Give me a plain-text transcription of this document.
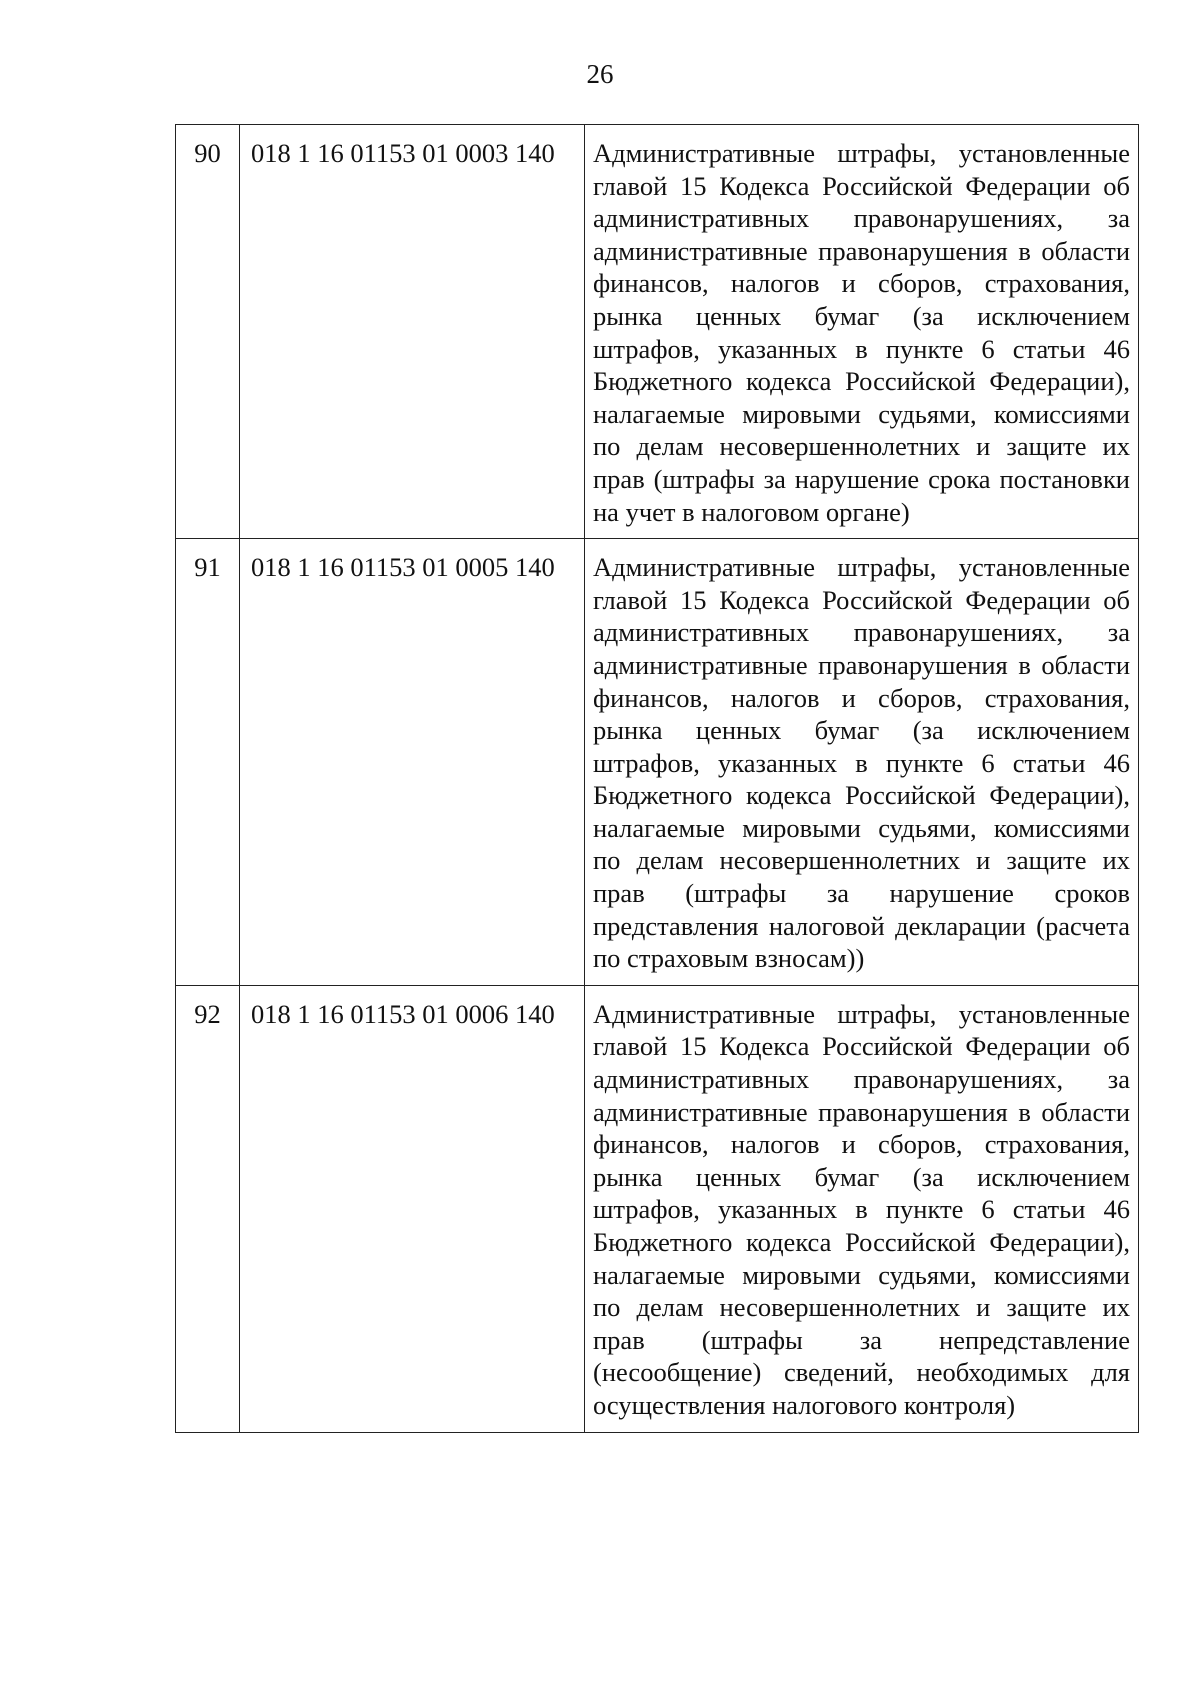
26
90	018 1 16 01153 01 0003 140	Административные штрафы, установленные главой 15 Кодекса Российской Федерации об административных правонарушениях, за административные правонарушения в области финансов, налогов и сборов, страхования, рынка ценных бумаг (за исключением штрафов, указанных в пункте 6 статьи 46 Бюджетного кодекса Российской Федерации), налагаемые мировыми судьями, комиссиями по делам несовершеннолетних и защите их прав (штрафы за нарушение срока постановки на учет в налоговом органе)
91	018 1 16 01153 01 0005 140	Административные штрафы, установленные главой 15 Кодекса Российской Федерации об административных правонарушениях, за административные правонарушения в области финансов, налогов и сборов, страхования, рынка ценных бумаг (за исключением штрафов, указанных в пункте 6 статьи 46 Бюджетного кодекса Российской Федерации), налагаемые мировыми судьями, комиссиями по делам несовершеннолетних и защите их прав (штрафы за нарушение сроков представления налоговой декларации (расчета по страховым взносам))
92	018 1 16 01153 01 0006 140	Административные штрафы, установленные главой 15 Кодекса Российской Федерации об административных правонарушениях, за административные правонарушения в области финансов, налогов и сборов, страхования, рынка ценных бумаг (за исключением штрафов, указанных в пункте 6 статьи 46 Бюджетного кодекса Российской Федерации), налагаемые мировыми судьями, комиссиями по делам несовершеннолетних и защите их прав (штрафы за непредставление (несообщение) сведений, необходимых для осуществления налогового контроля)
